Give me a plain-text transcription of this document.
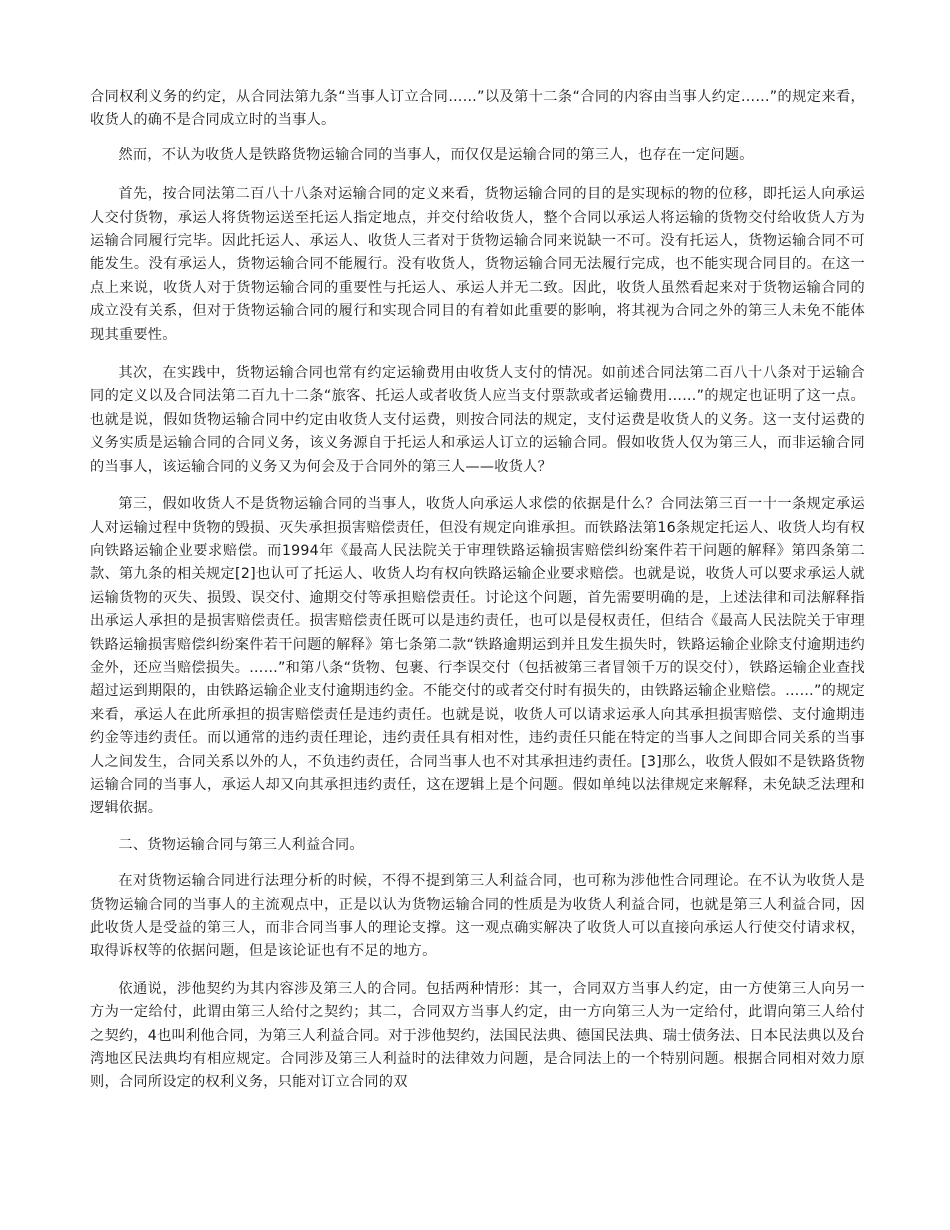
合同权利义务的约定，从合同法第九条“当事人订立合同……”以及第十二条“合同的内容由当事人约定……”的规定来看，收货人的确不是合同成立时的当事人。

然而，不认为收货人是铁路货物运输合同的当事人，而仅仅是运输合同的第三人，也存在一定问题。

首先，按合同法第二百八十八条对运输合同的定义来看，货物运输合同的目的是实现标的物的位移，即托运人向承运人交付货物，承运人将货物运送至托运人指定地点，并交付给收货人，整个合同以承运人将运输的货物交付给收货人方为运输合同履行完毕。因此托运人、承运人、收货人三者对于货物运输合同来说缺一不可。没有托运人，货物运输合同不可能发生。没有承运人，货物运输合同不能履行。没有收货人，货物运输合同无法履行完成，也不能实现合同目的。在这一点上来说，收货人对于货物运输合同的重要性与托运人、承运人并无二致。因此，收货人虽然看起来对于货物运输合同的成立没有关系，但对于货物运输合同的履行和实现合同目的有着如此重要的影响，将其视为合同之外的第三人未免不能体现其重要性。

其次，在实践中，货物运输合同也常有约定运输费用由收货人支付的情况。如前述合同法第二百八十八条对于运输合同的定义以及合同法第二百九十二条“旅客、托运人或者收货人应当支付票款或者运输费用……”的规定也证明了这一点。也就是说，假如货物运输合同中约定由收货人支付运费，则按合同法的规定，支付运费是收货人的义务。这一支付运费的义务实质是运输合同的合同义务，该义务源自于托运人和承运人订立的运输合同。假如收货人仅为第三人，而非运输合同的当事人，该运输合同的义务又为何会及于合同外的第三人——收货人？

第三，假如收货人不是货物运输合同的当事人，收货人向承运人求偿的依据是什么？合同法第三百一十一条规定承运人对运输过程中货物的毁损、灭失承担损害赔偿责任，但没有规定向谁承担。而铁路法第16条规定托运人、收货人均有权向铁路运输企业要求赔偿。而1994年《最高人民法院关于审理铁路运输损害赔偿纠纷案件若干问题的解释》第四条第二款、第九条的相关规定[2]也认可了托运人、收货人均有权向铁路运输企业要求赔偿。也就是说，收货人可以要求承运人就运输货物的灭失、损毁、误交付、逾期交付等承担赔偿责任。讨论这个问题，首先需要明确的是，上述法律和司法解释指出承运人承担的是损害赔偿责任。损害赔偿责任既可以是违约责任，也可以是侵权责任，但结合《最高人民法院关于审理铁路运输损害赔偿纠纷案件若干问题的解释》第七条第二款“铁路逾期运到并且发生损失时，铁路运输企业除支付逾期违约金外，还应当赔偿损失。……”和第八条“货物、包裹、行李误交付（包括被第三者冒领千万的误交付），铁路运输企业查找超过运到期限的，由铁路运输企业支付逾期违约金。不能交付的或者交付时有损失的，由铁路运输企业赔偿。……”的规定来看，承运人在此所承担的损害赔偿责任是违约责任。也就是说，收货人可以请求运承人向其承担损害赔偿、支付逾期违约金等违约责任。而以通常的违约责任理论，违约责任具有相对性，违约责任只能在特定的当事人之间即合同关系的当事人之间发生，合同关系以外的人，不负违约责任，合同当事人也不对其承担违约责任。[3]那么，收货人假如不是铁路货物运输合同的当事人，承运人却又向其承担违约责任，这在逻辑上是个问题。假如单纯以法律规定来解释，未免缺乏法理和逻辑依据。

二、货物运输合同与第三人利益合同。

在对货物运输合同进行法理分析的时候，不得不提到第三人利益合同，也可称为涉他性合同理论。在不认为收货人是货物运输合同的当事人的主流观点中，正是以认为货物运输合同的性质是为收货人利益合同，也就是第三人利益合同，因此收货人是受益的第三人，而非合同当事人的理论支撑。这一观点确实解决了收货人可以直接向承运人行使交付请求权，取得诉权等的依据问题，但是该论证也有不足的地方。

依通说，涉他契约为其内容涉及第三人的合同。包括两种情形：其一，合同双方当事人约定，由一方使第三人向另一方为一定给付，此谓由第三人给付之契约；其二，合同双方当事人约定，由一方向第三人为一定给付，此谓向第三人给付之契约，4也叫利他合同，为第三人利益合同。对于涉他契约，法国民法典、德国民法典、瑞士债务法、日本民法典以及台湾地区民法典均有相应规定。合同涉及第三人利益时的法律效力问题，是合同法上的一个特别问题。根据合同相对效力原则，合同所设定的权利义务，只能对订立合同的双
